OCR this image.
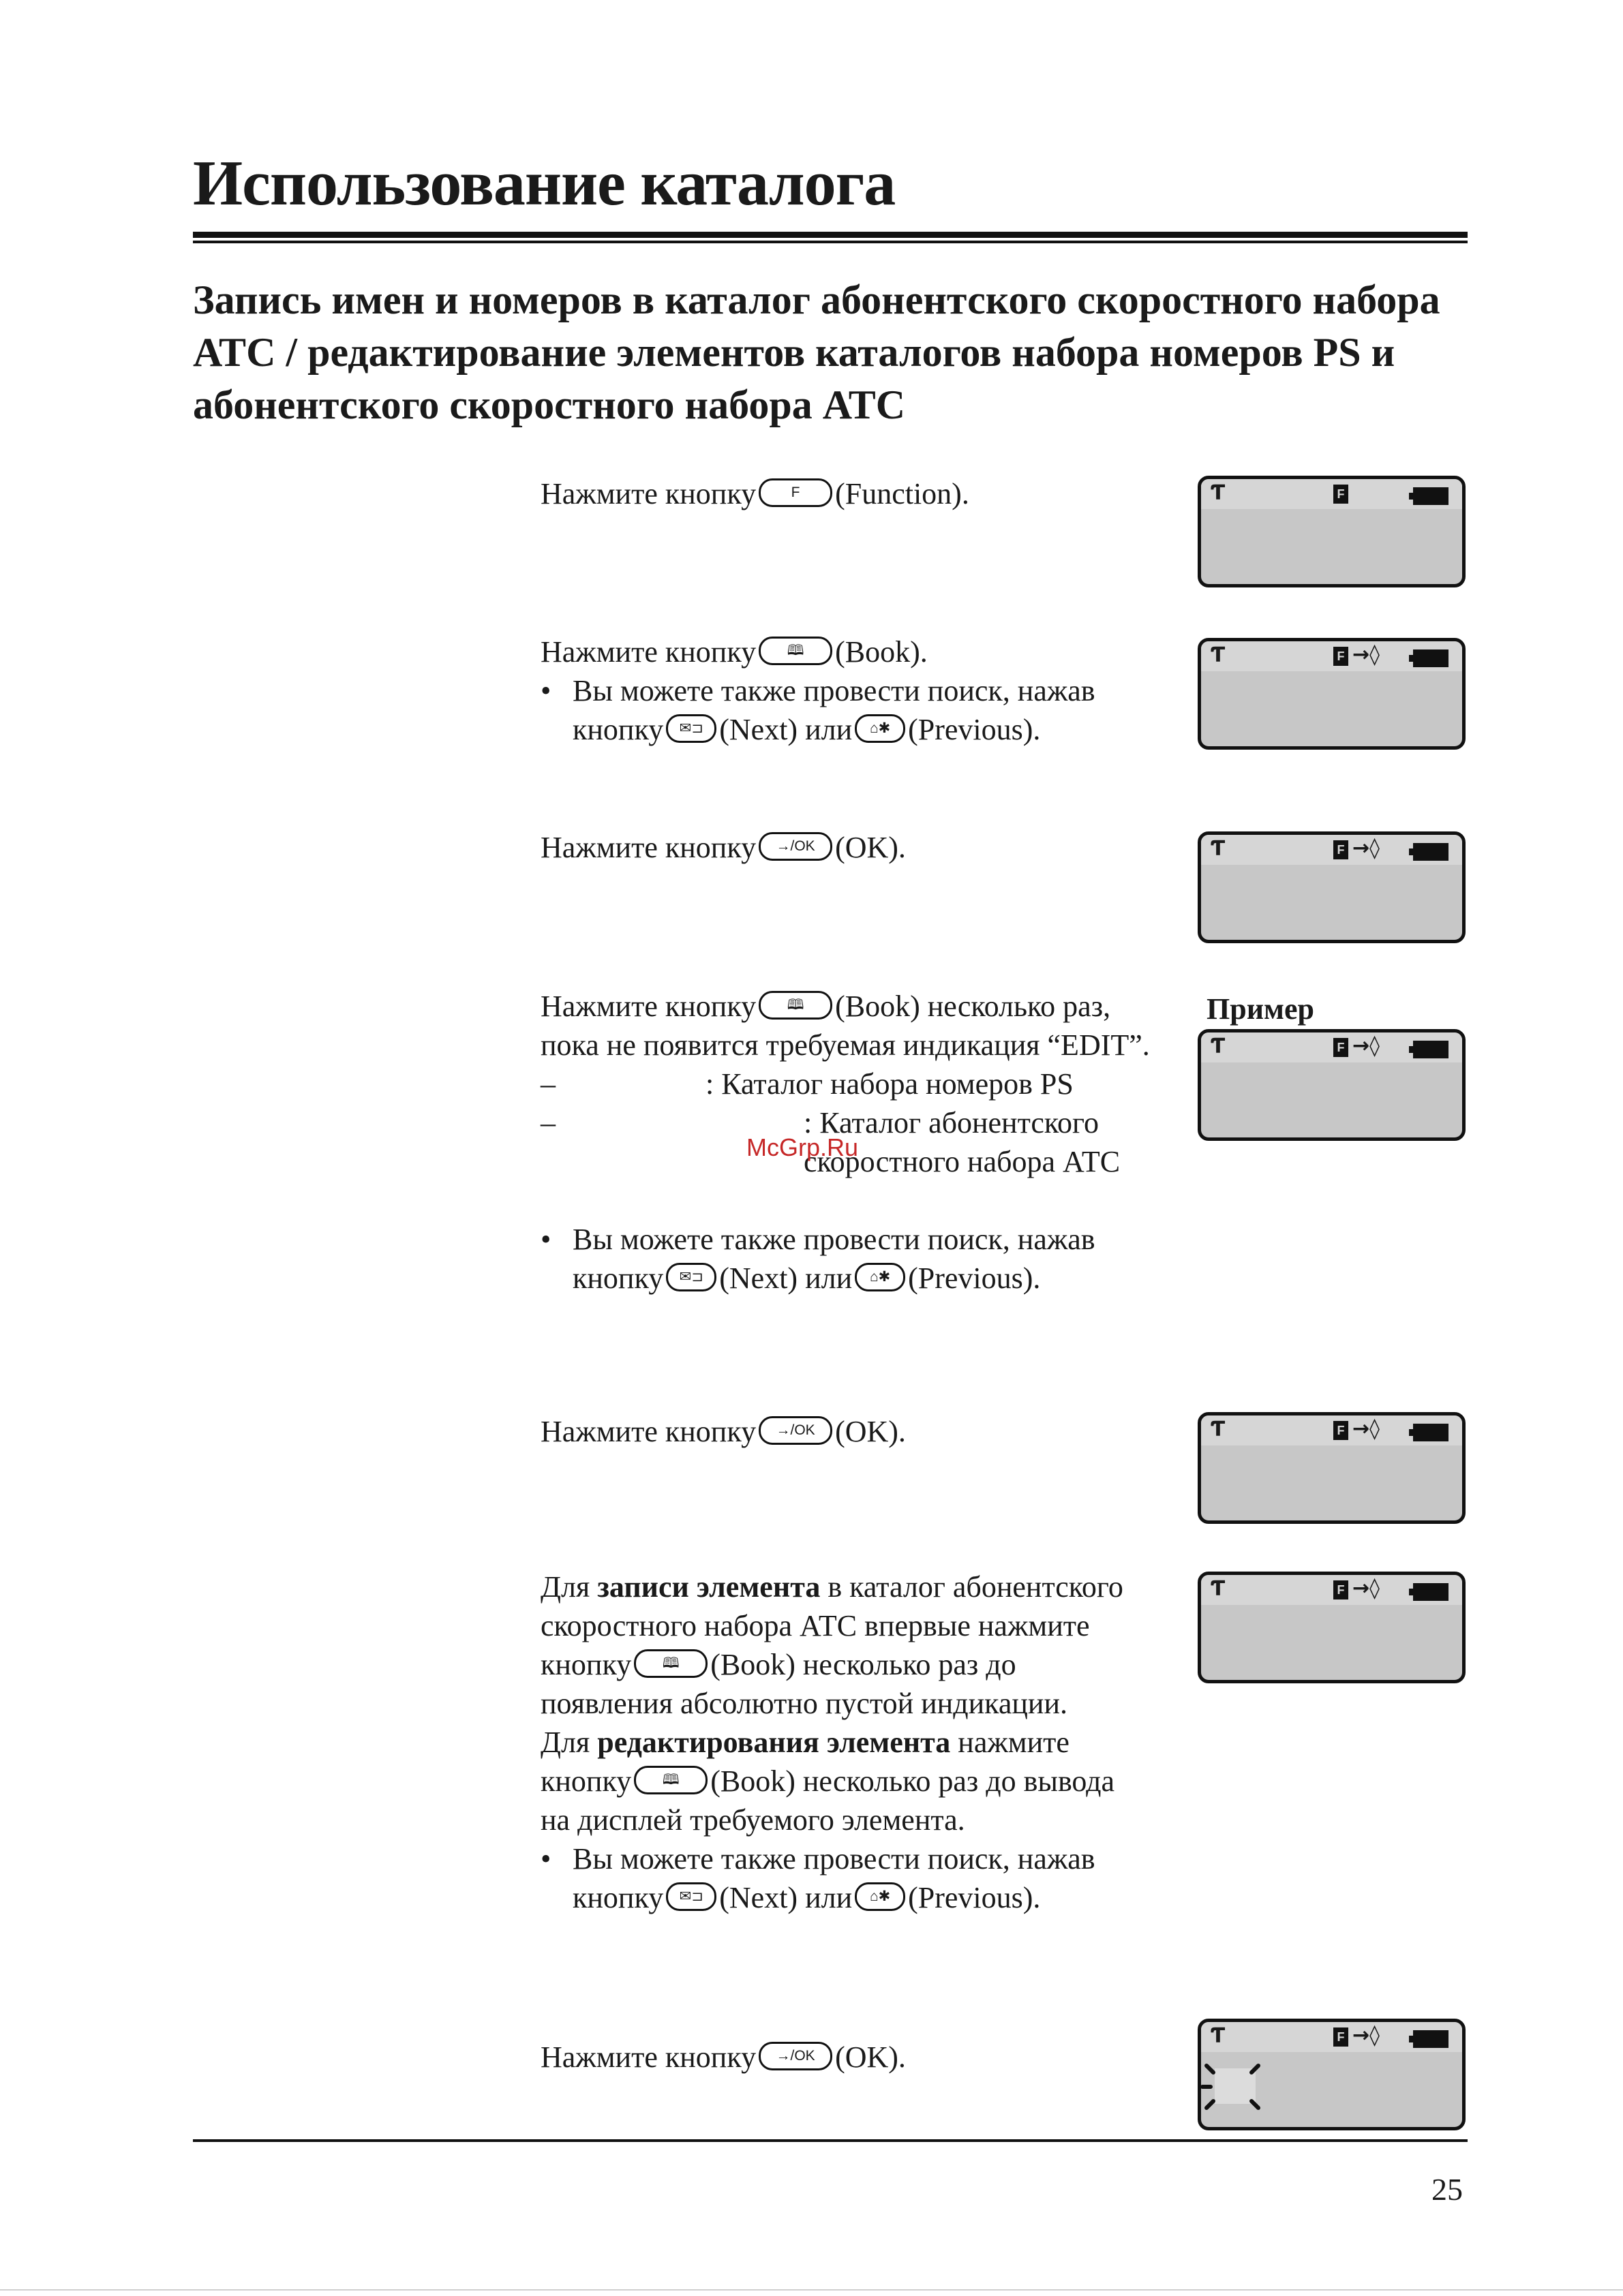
Использование каталога
Запись имен и номеров в каталог абонентского скоростного набора АТС / редактирование элементов каталогов набора номеров PS и абонентского скоростного набора АТС

Нажмите кнопку F (Function).

Нажмите кнопку 🕮 (Book).

• Вы можете также провести поиск, нажав кнопку ✉⊐ (Next) или ⌂✱ (Previous).

Нажмите кнопку →/OK (OK).

Нажмите кнопку 🕮 (Book) несколько раз, пока не появится требуемая индикация “EDIT”.

–	: Каталог набора номеров PS
–	: Каталог абонентского скоростного набора АТС

• Вы можете также провести поиск, нажав кнопку ✉⊐ (Next) или ⌂✱ (Previous).

Нажмите кнопку →/OK (OK).

Для записи элемента в каталог абонентского скоростного набора АТС впервые нажмите кнопку 🕮 (Book) несколько раз до появления абсолютно пустой индикации.

Для редактирования элемента нажмите кнопку 🕮 (Book) несколько раз до вывода на дисплей требуемого элемента.

• Вы можете также провести поиск, нажав кнопку ✉⊐ (Next) или ⌂✱ (Previous).

Нажмите кнопку →/OK (OK).

Пример
McGrp.Ru
Ƭ	F
Ƭ	F →◊
Ƭ	F →◊
Ƭ	F →◊
Ƭ	F →◊
Ƭ	F →◊
Ƭ	F →◊
25
